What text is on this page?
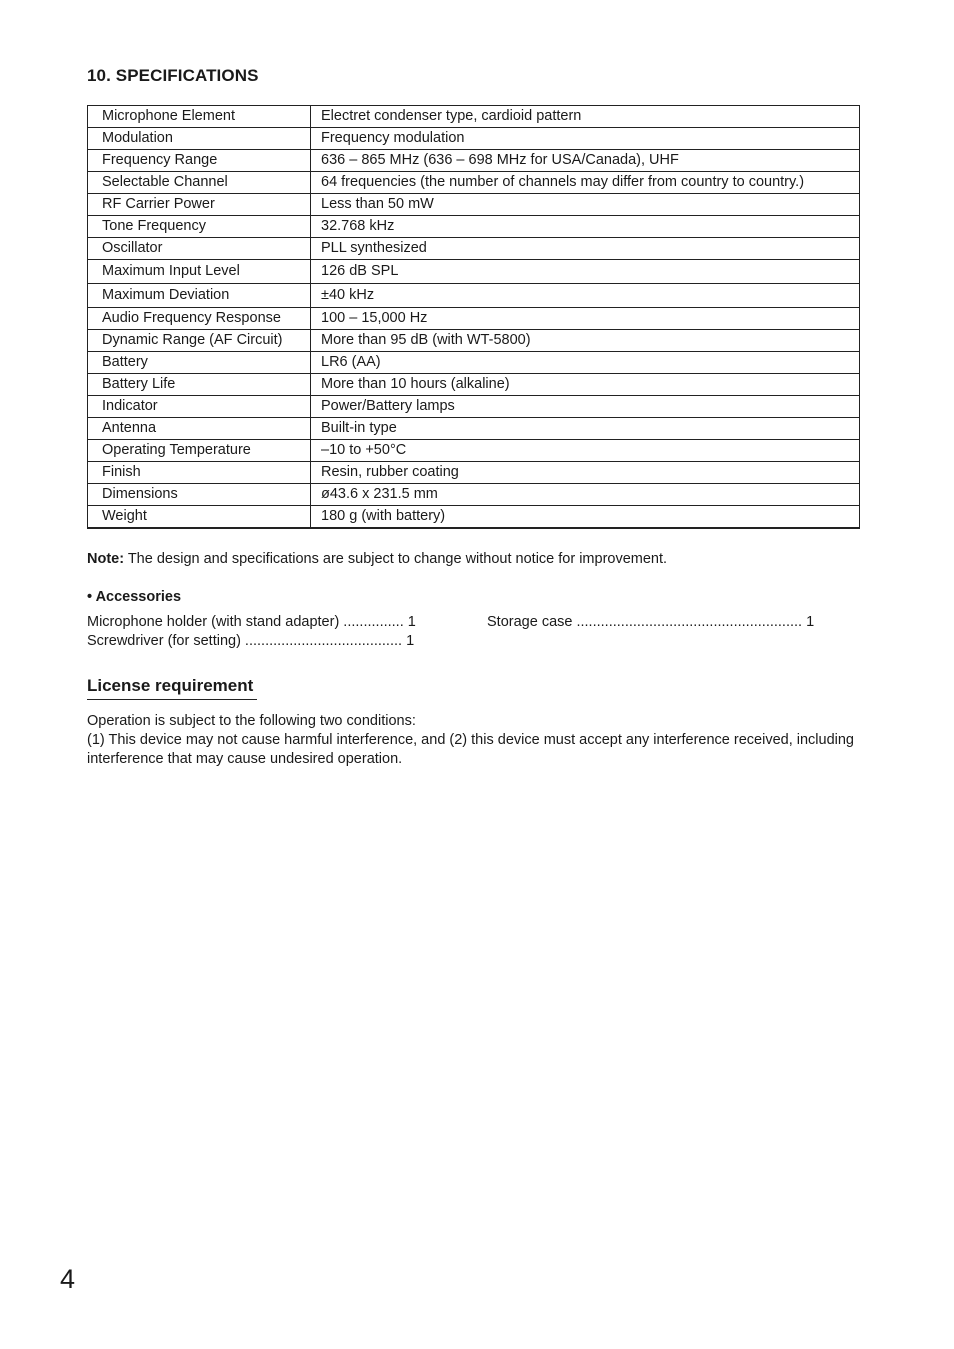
10. SPECIFICATIONS
Microphone Element	Electret condenser type, cardioid pattern
Modulation	Frequency modulation
Frequency Range	636 – 865 MHz (636 – 698 MHz for USA/Canada), UHF
Selectable Channel	64 frequencies (the number of channels may differ from country to country.)
RF Carrier Power	Less than 50 mW
Tone Frequency	32.768 kHz
Oscillator	PLL synthesized
Maximum Input Level	126 dB SPL
Maximum Deviation	±40 kHz
Audio Frequency Response	100 – 15,000 Hz
Dynamic Range (AF Circuit)	More than 95 dB (with WT-5800)
Battery	LR6 (AA)
Battery Life	More than 10 hours (alkaline)
Indicator	Power/Battery lamps
Antenna	Built-in type
Operating Temperature	–10 to +50°C
Finish	Resin, rubber coating
Dimensions	ø43.6 x 231.5 mm
Weight	180 g (with battery)
Note: The design and specifications are subject to change without notice for improvement.
• Accessories
Microphone holder (with stand adapter) ............... 1	Storage case ........................................................ 1
Screwdriver (for setting) ....................................... 1
License requirement

Operation is subject to the following two conditions:

(1) This device may not cause harmful interference, and (2) this device must accept any interference received, including interference that may cause undesired operation.

4
